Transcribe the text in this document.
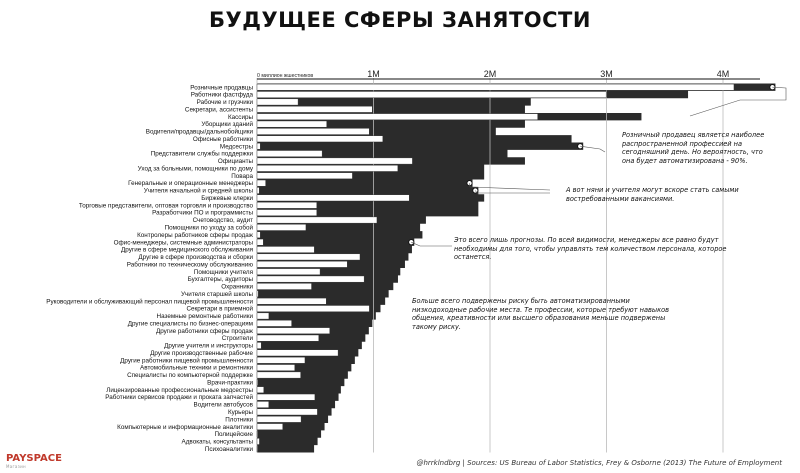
БУДУЩЕЕ СФЕРЫ ЗАНЯТОСТИ
0 миллион жшестников	1M	2M	3M	4M
Розничные продавцы
Работники фастфуда
Рабочие и грузчики
Секретари, ассистенты
Кассиры
Уборщики зданий
Водители/продавцы/дальнобойщики
Офисные работники
Медсестры
Представители службы поддержки
Официанты
Уход за больными, помощники по дому
Повара
Генеральные и операционные менеджеры
Учителя начальной и средней школы
Биржевые клерки
Торговые представители, оптовая торговля и производство
Разработчики ПО и программисты
Счетоводство, аудит
Помощники по уходу за собой
Контролеры работников сферы продаж
Офис-менеджеры, системные администраторы
Другие в сфере медицинского обслуживания
Другие в сфере производства и сборки
Работники по техническому обслуживанию
Помощники учителя
Бухгалтеры, аудиторы
Охранники
Учителя старшей школы
Руководители и обслуживающий персонал пищевой промышленности
Секретари в приемной
Наземные ремонтные работники
Другие специалисты по бизнес-операциям
Другие работники сферы продаж
Строители
Другие учителя и инструкторы
Другие производственные рабочие
Другие работники пищевой промышленности
Автомобильные техники и ремонтники
Специалисты по компьютерной поддержке
Врачи-практики
Лицензированные профессиональные медсестры
Работники сервисов продажи и проката запчастей
Водители автобусов
Курьеры
Плотники
Компьютерные и информационные аналитики
Полицейские
Адвокаты, консультанты
Психоаналитики
Розничный продавец является наиболее распространенной профессией на сегодняшний день. Но вероятность, что она будет автоматизирована - 90%.
А вот няни и учителя могут вскоре стать самыми востребованными вакансиями.
Это всего лишь прогнозы. По всей видимости, менеджеры все равно будут необходимы для того, чтобы управлять тем количеством персонала, которое останется.
Больше всего подвержены риску быть автоматизированными низкодоходные рабочие места. Те профессии, которые требуют навыков общения, креативности или высшего образования меньше подвержены такому риску.
PAYSPACE
Магазин	@hrrklndbrg | Sources: US Bureau of Labor Statistics, Frey & Osborne (2013) The Future of Employment
